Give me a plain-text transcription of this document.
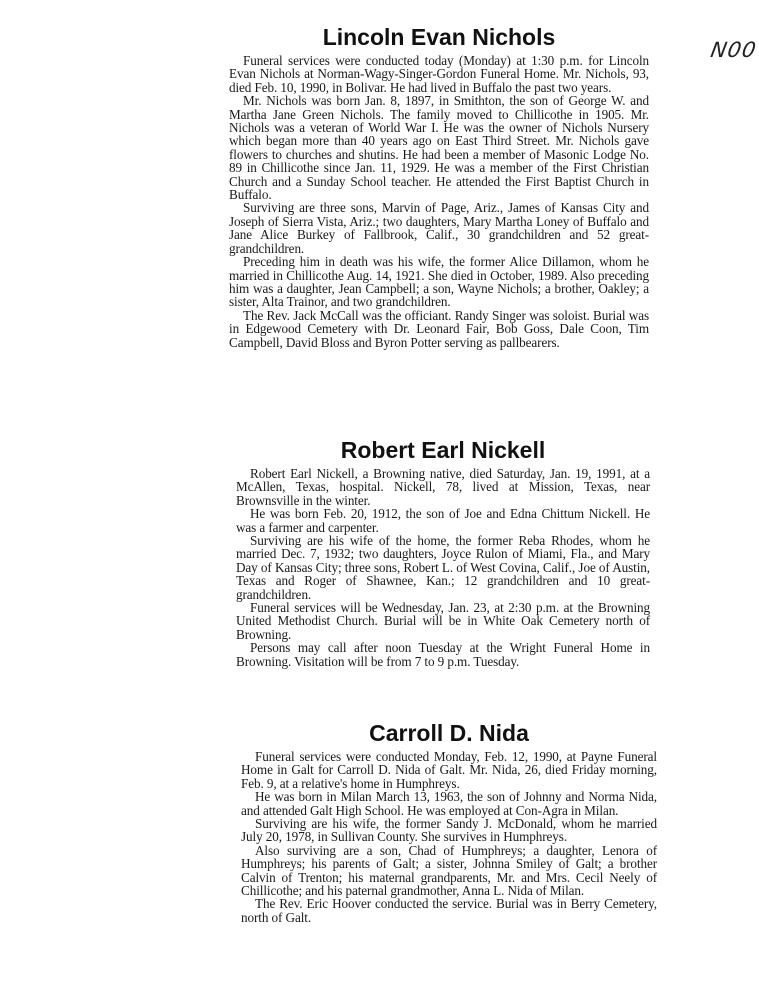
N00
Lincoln Evan Nichols

Funeral services were conducted today (Monday) at 1:30 p.m. for Lincoln Evan Nichols at Norman-Wagy-Singer-Gordon Funeral Home. Mr. Nichols, 93, died Feb. 10, 1990, in Bolivar. He had lived in Buffalo the past two years.

Mr. Nichols was born Jan. 8, 1897, in Smithton, the son of George W. and Martha Jane Green Nichols. The family moved to Chillicothe in 1905. Mr. Nichols was a veteran of World War I. He was the owner of Nichols Nursery which began more than 40 years ago on East Third Street. Mr. Nichols gave flowers to churches and shutins. He had been a member of Masonic Lodge No. 89 in Chillicothe since Jan. 11, 1929. He was a member of the First Christian Church and a Sunday School teacher. He attended the First Baptist Church in Buffalo.

Surviving are three sons, Marvin of Page, Ariz., James of Kansas City and Joseph of Sierra Vista, Ariz.; two daughters, Mary Martha Loney of Buffalo and Jane Alice Burkey of Fallbrook, Calif., 30 grandchildren and 52 great-grandchildren.

Preceding him in death was his wife, the former Alice Dillamon, whom he married in Chillicothe Aug. 14, 1921. She died in October, 1989. Also preceding him was a daughter, Jean Campbell; a son, Wayne Nichols; a brother, Oakley; a sister, Alta Trainor, and two grandchildren.

The Rev. Jack McCall was the officiant. Randy Singer was soloist. Burial was in Edgewood Cemetery with Dr. Leonard Fair, Bob Goss, Dale Coon, Tim Campbell, David Bloss and Byron Potter serving as pallbearers.

Robert Earl Nickell

Robert Earl Nickell, a Browning native, died Saturday, Jan. 19, 1991, at a McAllen, Texas, hospital. Nickell, 78, lived at Mission, Texas, near Brownsville in the winter.

He was born Feb. 20, 1912, the son of Joe and Edna Chittum Nickell. He was a farmer and carpenter.

Surviving are his wife of the home, the former Reba Rhodes, whom he married Dec. 7, 1932; two daughters, Joyce Rulon of Miami, Fla., and Mary Day of Kansas City; three sons, Robert L. of West Covina, Calif., Joe of Austin, Texas and Roger of Shawnee, Kan.; 12 grandchildren and 10 great-grandchildren.

Funeral services will be Wednesday, Jan. 23, at 2:30 p.m. at the Browning United Methodist Church. Burial will be in White Oak Cemetery north of Browning.

Persons may call after noon Tuesday at the Wright Funeral Home in Browning. Visitation will be from 7 to 9 p.m. Tuesday.

Carroll D. Nida

Funeral services were conducted Monday, Feb. 12, 1990, at Payne Funeral Home in Galt for Carroll D. Nida of Galt. Mr. Nida, 26, died Friday morning, Feb. 9, at a relative's home in Humphreys.

He was born in Milan March 13, 1963, the son of Johnny and Norma Nida, and attended Galt High School. He was employed at Con-Agra in Milan.

Surviving are his wife, the former Sandy J. McDonald, whom he married July 20, 1978, in Sullivan County. She survives in Humphreys.

Also surviving are a son, Chad of Humphreys; a daughter, Lenora of Humphreys; his parents of Galt; a sister, Johnna Smiley of Galt; a brother Calvin of Trenton; his maternal grandparents, Mr. and Mrs. Cecil Neely of Chillicothe; and his paternal grandmother, Anna L. Nida of Milan.

The Rev. Eric Hoover conducted the service. Burial was in Berry Cemetery, north of Galt.
